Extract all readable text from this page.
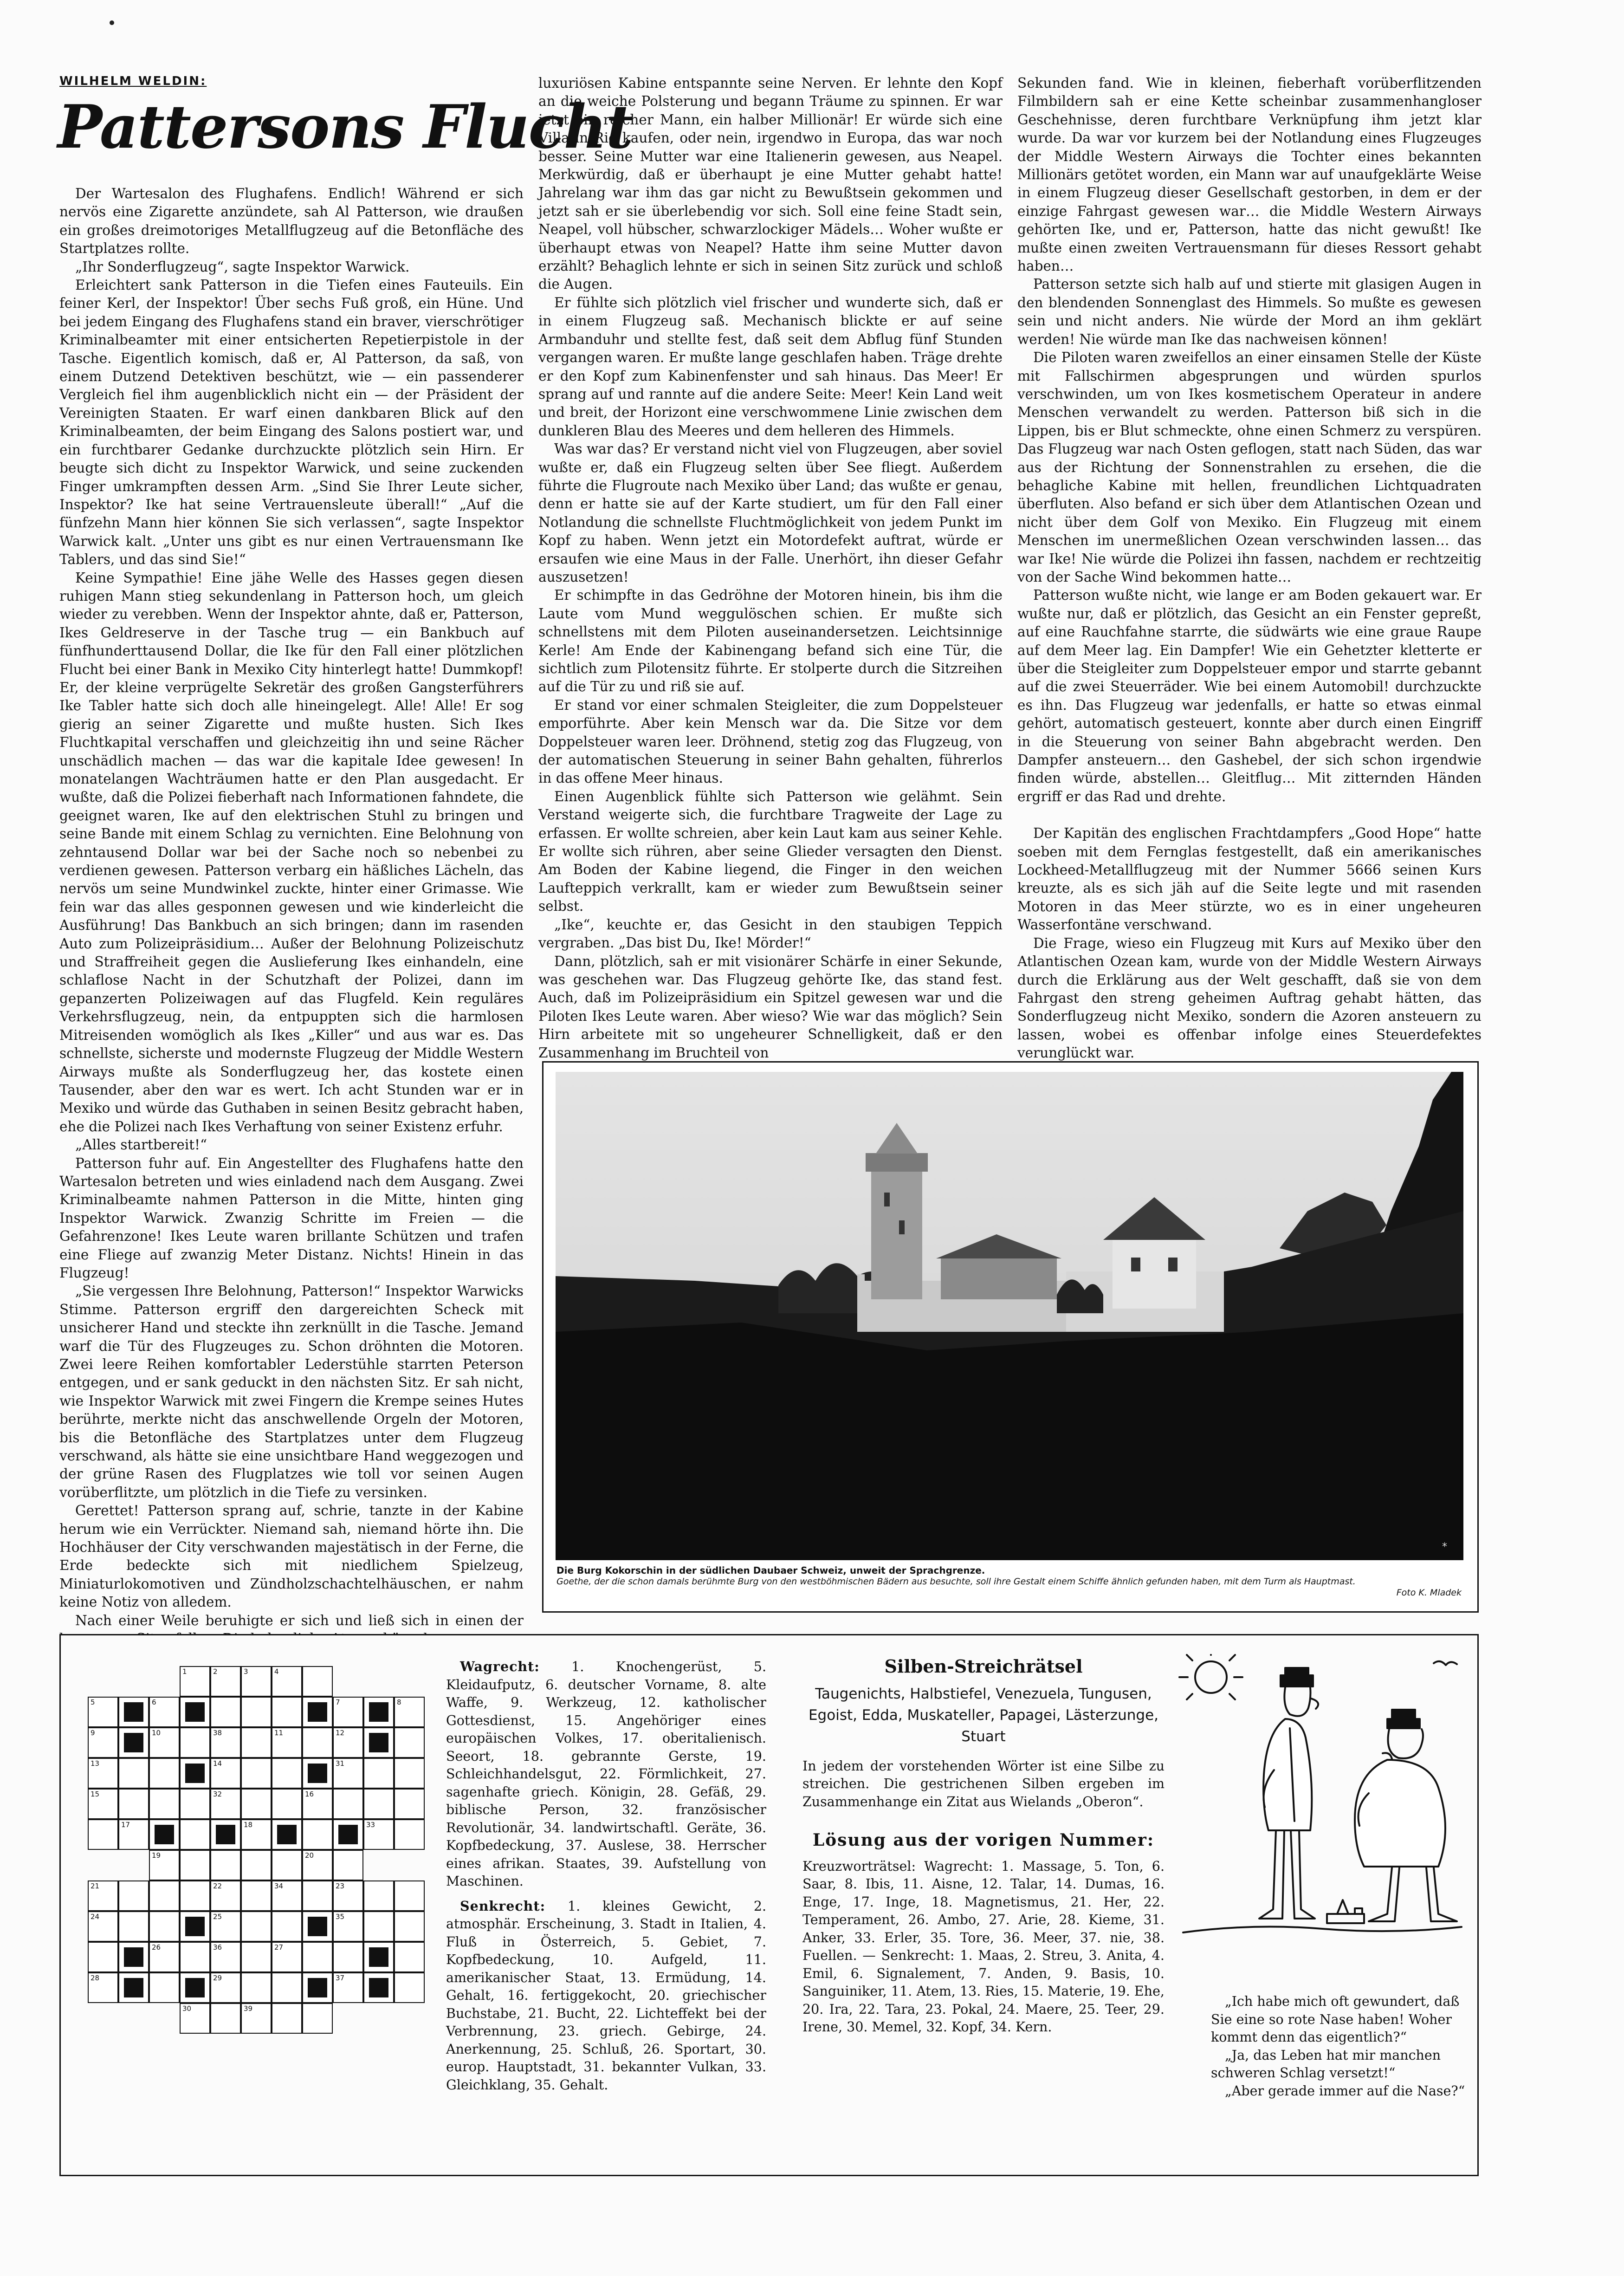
WILHELM WELDIN:
Pattersons Flucht

Der Wartesalon des Flughafens. Endlich! Während er sich nervös eine Zigarette anzündete, sah Al Patterson, wie draußen ein großes dreimotoriges Metallflugzeug auf die Betonfläche des Startplatzes rollte.

„Ihr Sonderflugzeug“, sagte Inspektor Warwick.

Erleichtert sank Patterson in die Tiefen eines Fauteuils. Ein feiner Kerl, der Inspektor! Über sechs Fuß groß, ein Hüne. Und bei jedem Eingang des Flughafens stand ein braver, vierschrötiger Kriminalbeamter mit einer entsicherten Repetierpistole in der Tasche. Eigentlich komisch, daß er, Al Patterson, da saß, von einem Dutzend Detektiven beschützt, wie — ein passenderer Vergleich fiel ihm augenblicklich nicht ein — der Präsident der Vereinigten Staaten. Er warf einen dankbaren Blick auf den Kriminalbeamten, der beim Eingang des Salons postiert war, und ein furchtbarer Gedanke durchzuckte plötzlich sein Hirn. Er beugte sich dicht zu Inspektor Warwick, und seine zuckenden Finger umkrampften dessen Arm. „Sind Sie Ihrer Leute sicher, Inspektor? Ike hat seine Vertrauensleute überall!“ „Auf die fünfzehn Mann hier können Sie sich verlassen“, sagte Inspektor Warwick kalt. „Unter uns gibt es nur einen Vertrauensmann Ike Tablers, und das sind Sie!“

Keine Sympathie! Eine jähe Welle des Hasses gegen diesen ruhigen Mann stieg sekundenlang in Patterson hoch, um gleich wieder zu verebben. Wenn der Inspektor ahnte, daß er, Patterson, Ikes Geldreserve in der Tasche trug — ein Bankbuch auf fünfhunderttausend Dollar, die Ike für den Fall einer plötzlichen Flucht bei einer Bank in Mexiko City hinterlegt hatte! Dummkopf! Er, der kleine verprügelte Sekretär des großen Gangsterführers Ike Tabler hatte sich doch alle hineingelegt. Alle! Alle! Er sog gierig an seiner Zigarette und mußte husten. Sich Ikes Fluchtkapital verschaffen und gleichzeitig ihn und seine Rächer unschädlich machen — das war die kapitale Idee gewesen! In monatelangen Wachträumen hatte er den Plan ausgedacht. Er wußte, daß die Polizei fieberhaft nach Informationen fahndete, die geeignet waren, Ike auf den elektrischen Stuhl zu bringen und seine Bande mit einem Schlag zu vernichten. Eine Belohnung von zehntausend Dollar war bei der Sache noch so nebenbei zu verdienen gewesen. Patterson verbarg ein häßliches Lächeln, das nervös um seine Mundwinkel zuckte, hinter einer Grimasse. Wie fein war das alles gesponnen gewesen und wie kinderleicht die Ausführung! Das Bankbuch an sich bringen; dann im rasenden Auto zum Polizeipräsidium… Außer der Belohnung Polizeischutz und Straffreiheit gegen die Auslieferung Ikes einhandeln, eine schlaflose Nacht in der Schutzhaft der Polizei, dann im gepanzerten Polizeiwagen auf das Flugfeld. Kein reguläres Verkehrsflugzeug, nein, da entpuppten sich die harmlosen Mitreisenden womöglich als Ikes „Killer“ und aus war es. Das schnellste, sicherste und modernste Flugzeug der Middle Western Airways mußte als Sonderflugzeug her, das kostete einen Tausender, aber den war es wert. Ich acht Stunden war er in Mexiko und würde das Guthaben in seinen Besitz gebracht haben, ehe die Polizei nach Ikes Verhaftung von seiner Existenz erfuhr.

„Alles startbereit!“

Patterson fuhr auf. Ein Angestellter des Flughafens hatte den Wartesalon betreten und wies einladend nach dem Ausgang. Zwei Kriminalbeamte nahmen Patterson in die Mitte, hinten ging Inspektor Warwick. Zwanzig Schritte im Freien — die Gefahrenzone! Ikes Leute waren brillante Schützen und trafen eine Fliege auf zwanzig Meter Distanz. Nichts! Hinein in das Flugzeug!

„Sie vergessen Ihre Belohnung, Patterson!“ Inspektor Warwicks Stimme. Patterson ergriff den dargereichten Scheck mit unsicherer Hand und steckte ihn zerknüllt in die Tasche. Jemand warf die Tür des Flugzeuges zu. Schon dröhnten die Motoren. Zwei leere Reihen komfortabler Lederstühle starrten Peterson entgegen, und er sank geduckt in den nächsten Sitz. Er sah nicht, wie Inspektor Warwick mit zwei Fingern die Krempe seines Hutes berührte, merkte nicht das anschwellende Orgeln der Motoren, bis die Betonfläche des Startplatzes unter dem Flugzeug verschwand, als hätte sie eine unsichtbare Hand weggezogen und der grüne Rasen des Flugplatzes wie toll vor seinen Augen vorüberflitzte, um plötzlich in die Tiefe zu versinken.

Gerettet! Patterson sprang auf, schrie, tanzte in der Kabine herum wie ein Verrückter. Niemand sah, niemand hörte ihn. Die Hochhäuser der City verschwanden majestätisch in der Ferne, die Erde bedeckte sich mit niedlichem Spielzeug, Miniaturlokomotiven und Zündholzschachtelhäuschen, er nahm keine Notiz von alledem.

Nach einer Weile beruhigte er sich und ließ sich in einen der

luxuriösen Kabine entspannte seine Nerven. Er lehnte den Kopf an die weiche Polsterung und begann Träume zu spinnen. Er war jetzt ein reicher Mann, ein halber Millionär! Er würde sich eine Villa in Rio kaufen, oder nein, irgendwo in Europa, das war noch besser. Seine Mutter war eine Italienerin gewesen, aus Neapel. Merkwürdig, daß er überhaupt je eine Mutter gehabt hatte! Jahrelang war ihm das gar nicht zu Bewußtsein gekommen und jetzt sah er sie überlebendig vor sich. Soll eine feine Stadt sein, Neapel, voll hübscher, schwarzlockiger Mädels… Woher wußte er überhaupt etwas von Neapel? Hatte ihm seine Mutter davon erzählt? Behaglich lehnte er sich in seinen Sitz zurück und schloß die Augen.

Er fühlte sich plötzlich viel frischer und wunderte sich, daß er in einem Flugzeug saß. Mechanisch blickte er auf seine Armbanduhr und stellte fest, daß seit dem Abflug fünf Stunden vergangen waren. Er mußte lange geschlafen haben. Träge drehte er den Kopf zum Kabinenfenster und sah hinaus. Das Meer! Er sprang auf und rannte auf die andere Seite: Meer! Kein Land weit und breit, der Horizont eine verschwommene Linie zwischen dem dunkleren Blau des Meeres und dem helleren des Himmels.

Was war das? Er verstand nicht viel von Flugzeugen, aber soviel wußte er, daß ein Flugzeug selten über See fliegt. Außerdem führte die Flugroute nach Mexiko über Land; das wußte er genau, denn er hatte sie auf der Karte studiert, um für den Fall einer Notlandung die schnellste Fluchtmöglichkeit von jedem Punkt im Kopf zu haben. Wenn jetzt ein Motordefekt auftrat, würde er ersaufen wie eine Maus in der Falle. Unerhört, ihn dieser Gefahr auszusetzen!

Er schimpfte in das Gedröhne der Motoren hinein, bis ihm die Laute vom Mund weggulöschen schien. Er mußte sich schnellstens mit dem Piloten auseinandersetzen. Leichtsinnige Kerle! Am Ende der Kabinengang befand sich eine Tür, die sichtlich zum Pilotensitz führte. Er stolperte durch die Sitzreihen auf die Tür zu und riß sie auf.

Er stand vor einer schmalen Steigleiter, die zum Doppelsteuer emporführte. Aber kein Mensch war da. Die Sitze vor dem Doppelsteuer waren leer. Dröhnend, stetig zog das Flugzeug, von der automatischen Steuerung in seiner Bahn gehalten, führerlos in das offene Meer hinaus.

Einen Augenblick fühlte sich Patterson wie gelähmt. Sein Verstand weigerte sich, die furchtbare Tragweite der Lage zu erfassen. Er wollte schreien, aber kein Laut kam aus seiner Kehle. Er wollte sich rühren, aber seine Glieder versagten den Dienst. Am Boden der Kabine liegend, die Finger in den weichen Laufteppich verkrallt, kam er wieder zum Bewußtsein seiner selbst.

„Ike“, keuchte er, das Gesicht in den staubigen Teppich vergraben. „Das bist Du, Ike! Mörder!“

Dann, plötzlich, sah er mit visionärer Schärfe in einer Sekunde, was geschehen war. Das Flugzeug gehörte Ike, das stand fest. Auch, daß im Polizeipräsidium ein Spitzel gewesen war und die Piloten Ikes Leute waren. Aber wieso? Wie war das möglich? Sein Hirn arbeitete mit so ungeheurer Schnelligkeit, daß er den Zusammenhang im Bruchteil von

Sekunden fand. Wie in kleinen, fieberhaft vorüberflitzenden Filmbildern sah er eine Kette scheinbar zusammenhangloser Geschehnisse, deren furchtbare Verknüpfung ihm jetzt klar wurde. Da war vor kurzem bei der Notlandung eines Flugzeuges der Middle Western Airways die Tochter eines bekannten Millionärs getötet worden, ein Mann war auf unaufgeklärte Weise in einem Flugzeug dieser Gesellschaft gestorben, in dem er der einzige Fahrgast gewesen war… die Middle Western Airways gehörten Ike, und er, Patterson, hatte das nicht gewußt! Ike mußte einen zweiten Vertrauensmann für dieses Ressort gehabt haben…

Patterson setzte sich halb auf und stierte mit glasigen Augen in den blendenden Sonnenglast des Himmels. So mußte es gewesen sein und nicht anders. Nie würde der Mord an ihm geklärt werden! Nie würde man Ike das nachweisen können!

Die Piloten waren zweifellos an einer einsamen Stelle der Küste mit Fallschirmen abgesprungen und würden spurlos verschwinden, um von Ikes kosmetischem Operateur in andere Menschen verwandelt zu werden. Patterson biß sich in die Lippen, bis er Blut schmeckte, ohne einen Schmerz zu verspüren. Das Flugzeug war nach Osten geflogen, statt nach Süden, das war aus der Richtung der Sonnenstrahlen zu ersehen, die die behagliche Kabine mit hellen, freundlichen Lichtquadraten überfluten. Also befand er sich über dem Atlantischen Ozean und nicht über dem Golf von Mexiko. Ein Flugzeug mit einem Menschen im unermeßlichen Ozean verschwinden lassen… das war Ike! Nie würde die Polizei ihn fassen, nachdem er rechtzeitig von der Sache Wind bekommen hatte…

Patterson wußte nicht, wie lange er am Boden gekauert war. Er wußte nur, daß er plötzlich, das Gesicht an ein Fenster gepreßt, auf eine Rauchfahne starrte, die südwärts wie eine graue Raupe auf dem Meer lag. Ein Dampfer! Wie ein Gehetzter kletterte er über die Steigleiter zum Doppelsteuer empor und starrte gebannt auf die zwei Steuerräder. Wie bei einem Automobil! durchzuckte es ihn. Das Flugzeug war jedenfalls, er hatte so etwas einmal gehört, automatisch gesteuert, konnte aber durch einen Eingriff in die Steuerung von seiner Bahn abgebracht werden. Den Dampfer ansteuern… den Gashebel, der sich schon irgendwie finden würde, abstellen… Gleitflug… Mit zitternden Händen ergriff er das Rad und drehte.

Der Kapitän des englischen Frachtdampfers „Good Hope“ hatte soeben mit dem Fernglas festgestellt, daß ein amerikanisches Lockheed-Metallflugzeug mit der Nummer 5666 seinen Kurs kreuzte, als es sich jäh auf die Seite legte und mit rasenden Motoren in das Meer stürzte, wo es in einer ungeheuren Wasserfontäne verschwand.

Die Frage, wieso ein Flugzeug mit Kurs auf Mexiko über den Atlantischen Ozean kam, wurde von der Middle Western Airways durch die Erklärung aus der Welt geschafft, daß sie von dem Fahrgast den streng geheimen Auftrag gehabt hätten, das Sonderflugzeug nicht Mexiko, sondern die Azoren ansteuern zu lassen, wobei es offenbar infolge eines Steuerdefektes verunglückt war.

*
Die Burg Kokorschin in der südlichen Daubaer Schweiz, unweit der Sprachgrenze.
Goethe, der die schon damals berühmte Burg von den westböhmischen Bädern aus besuchte, soll ihre Gestalt einem Schiffe ähnlich gefunden haben, mit dem Turm als Hauptmast.
Foto K. Mladek
1	2	3	4
5	6	7	8
9	10	38	11	12
13	14	31
15	32	16
17	18	33
19	20
21	22	34	23
24	25	35
26	36	27
28	29	37
30	39

Wagrecht: 1. Knochengerüst, 5. Kleidaufputz, 6. deutscher Vorname, 8. alte Waffe, 9. Werkzeug, 12. katholischer Gottesdienst, 15. Angehöriger eines europäischen Volkes, 17. oberitalienisch. Seeort, 18. gebrannte Gerste, 19. Schleichhandelsgut, 22. Förmlichkeit, 27. sagenhafte griech. Königin, 28. Gefäß, 29. biblische Person, 32. französischer Revolutionär, 34. landwirtschaftl. Geräte, 36. Kopfbedeckung, 37. Auslese, 38. Herrscher eines afrikan. Staates, 39. Aufstellung von Maschinen.

Senkrecht: 1. kleines Gewicht, 2. atmosphär. Erscheinung, 3. Stadt in Italien, 4. Fluß in Österreich, 5. Gebiet, 7. Kopfbedeckung, 10. Aufgeld, 11. amerikanischer Staat, 13. Ermüdung, 14. Gehalt, 16. fertiggekocht, 20. griechischer Buchstabe, 21. Bucht, 22. Lichteffekt bei der Verbrennung, 23. griech. Gebirge, 24. Anerkennung, 25. Schluß, 26. Sportart, 30. europ. Hauptstadt, 31. bekannter Vulkan, 33. Gleichklang, 35. Gehalt.

Silben-Streichrätsel
Taugenichts, Halbstiefel, Venezuela, Tungusen, Egoist, Edda, Muskateller, Papagei, Lästerzunge, Stuart

In jedem der vorstehenden Wörter ist eine Silbe zu streichen. Die gestrichenen Silben ergeben im Zusammenhange ein Zitat aus Wielands „Oberon“.

Lösung aus der vorigen Nummer:

Kreuzworträtsel: Wagrecht: 1. Massage, 5. Ton, 6. Saar, 8. Ibis, 11. Aisne, 12. Talar, 14. Dumas, 16. Enge, 17. Inge, 18. Magnetismus, 21. Her, 22. Temperament, 26. Ambo, 27. Arie, 28. Kieme, 31. Anker, 33. Erler, 35. Tore, 36. Meer, 37. nie, 38. Fuellen. — Senkrecht: 1. Maas, 2. Streu, 3. Anita, 4. Emil, 6. Signalement, 7. Anden, 9. Basis, 10. Sanguiniker, 11. Atem, 13. Ries, 15. Materie, 19. Ehe, 20. Ira, 22. Tara, 23. Pokal, 24. Maere, 25. Teer, 29. Irene, 30. Memel, 32. Kopf, 34. Kern.

„Ich habe mich oft gewundert, daß Sie eine so rote Nase haben! Woher kommt denn das eigentlich?“

„Ja, das Leben hat mir manchen schweren Schlag versetzt!“

„Aber gerade immer auf die Nase?“
